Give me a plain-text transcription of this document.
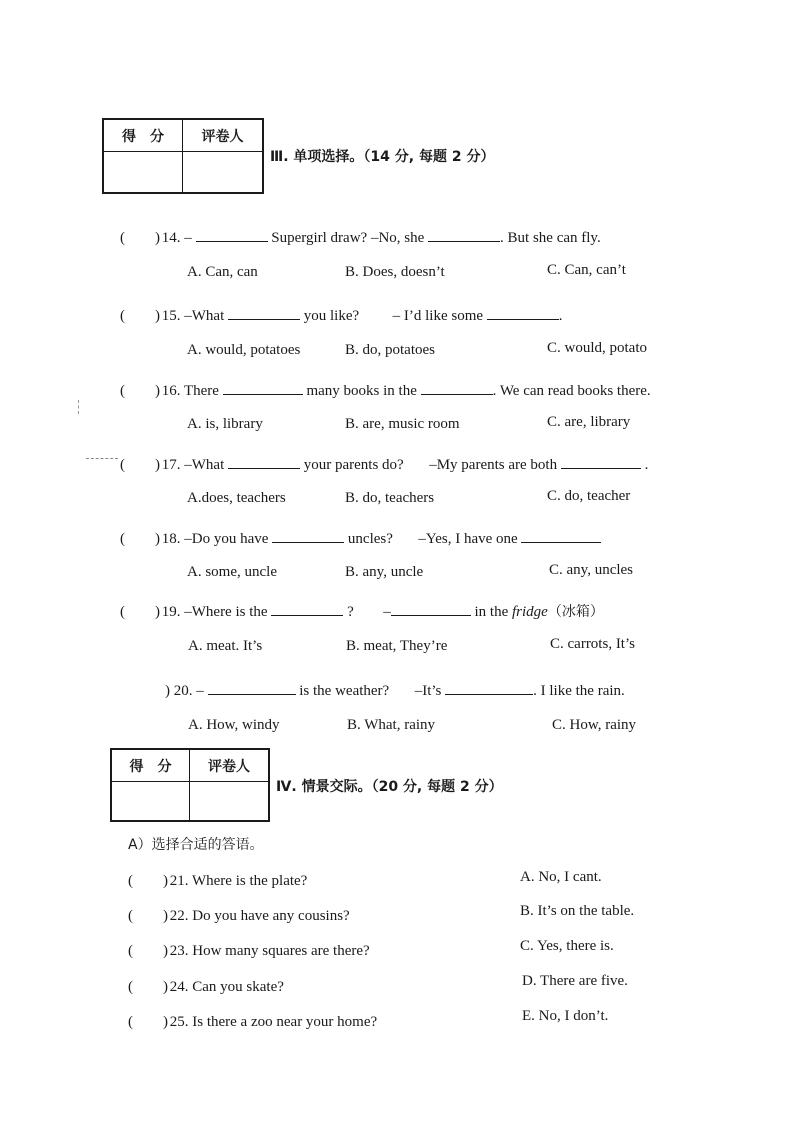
得　分	评卷人
Ⅲ. 单项选择。（14 分, 每题 2 分）
(　　) 14. –	Supergirl draw? –No, she	. But she can fly.
A. Can, can	B. Does, doesn’t	C. Can, can’t
(　　) 15. –What	you like? – I’d like some	.
A. would, potatoes	B. do, potatoes	C. would, potato
(　　) 16. There	many books in the	. We can read books there.
A. is, library	B. are, music room	C. are, library
(　　) 17. –What	your parents do? –My parents are both	.
A.does, teachers	B. do, teachers	C. do, teacher
(　　) 18. –Do you have	uncles? –Yes, I have one
A. some, uncle	B. any, uncle	C. any, uncles
(　　) 19. –Where is the	? –	in the fridge（冰箱）
A. meat. It’s	B. meat, They’re	C. carrots, It’s
) 20. –	is the weather? –It’s	. I like the rain.
A. How, windy	B. What, rainy	C. How, rainy
得　分	评卷人
Ⅳ. 情景交际。（20 分, 每题 2 分）
A）选择合适的答语。
(　　) 21. Where is the plate?	A. No, I cant.
(　　) 22. Do you have any cousins?	B. It’s on the table.
(　　) 23. How many squares are there?	C. Yes, there is.
(　　) 24. Can you skate?	D. There are five.
(　　) 25. Is there a zoo near your home?	E. No, I don’t.
